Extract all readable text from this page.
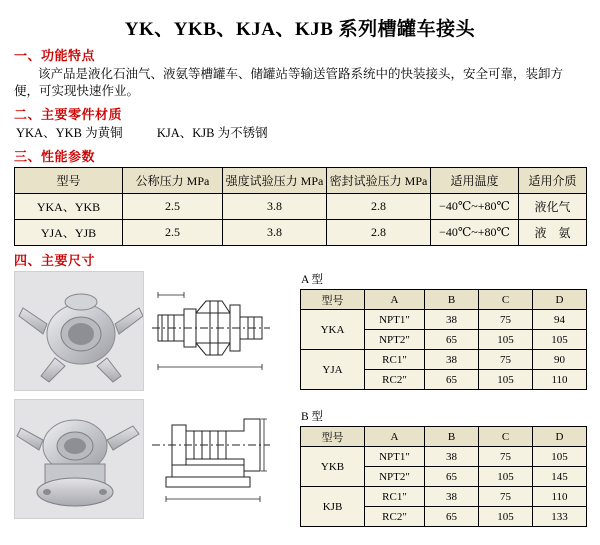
YK、YKB、KJA、KJB 系列槽罐车接头
一、功能特点
该产品是液化石油气、液氨等槽罐车、储罐站等输送管路系统中的快装接头，安全可靠，装卸方便，可实现快速作业。
二、主要零件材质
YKA、YKB 为黄铜	KJA、KJB 为不锈钢
三、性能参数
型号	公称压力 MPa	强度试验压力 MPa	密封试验压力 MPa	适用温度	适用介质
YKA、YKB	2.5	3.8	2.8	−40℃~+80℃	液化气
YJA、YJB	2.5	3.8	2.8	−40℃~+80℃	液　氨
四、主要尺寸
A 型
型号	A	B	C	D
YKA	NPT1"	38	75	94
	NPT2"	65	105	105
YJA	RC1"	38	75	90
	RC2"	65	105	110
B 型
型号	A	B	C	D
YKB	NPT1"	38	75	105
	NPT2"	65	105	145
KJB	RC1"	38	75	110
	RC2"	65	105	133
